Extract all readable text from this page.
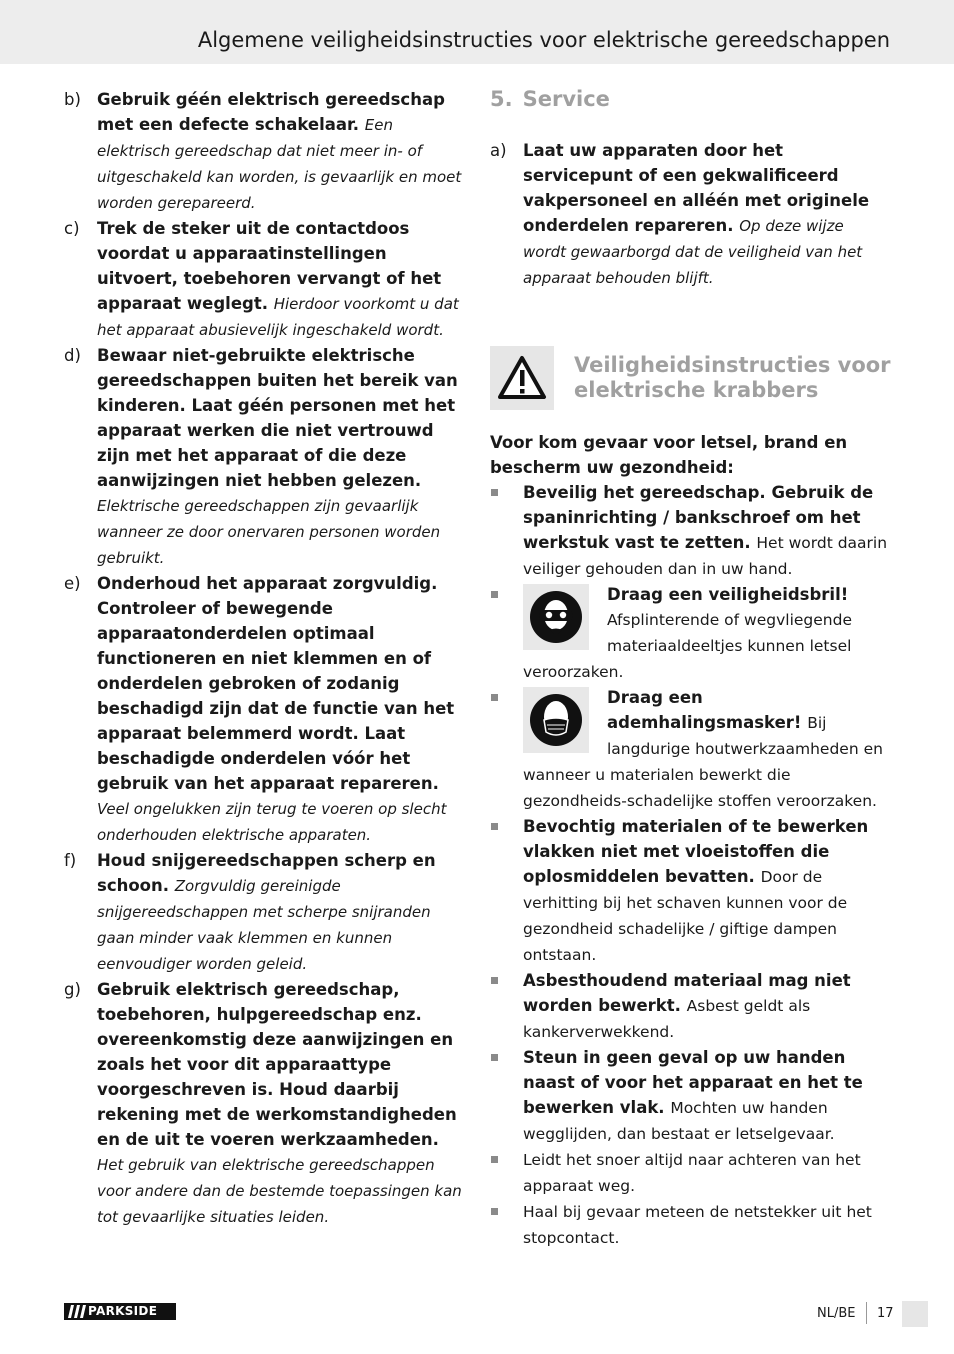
Algemene veiligheidsinstructies voor elektrische gereedschappen
b) Gebruik géén elektrisch gereedschap met een defecte schakelaar. Een elektrisch gereedschap dat niet meer in- of uitgeschakeld kan worden, is gevaarlijk en moet worden gerepareerd.
c) Trek de steker uit de contactdoos voordat u apparaatinstellingen uitvoert, toebehoren vervangt of het apparaat weglegt. Hierdoor voorkomt u dat het apparaat abusievelijk ingeschakeld wordt.
d) Bewaar niet-gebruikte elektrische gereedschappen buiten het bereik van kinderen. Laat géén personen met het apparaat werken die niet vertrouwd zijn met het apparaat of die deze aanwijzingen niet hebben gelezen. Elektrische gereedschappen zijn gevaarlijk wanneer ze door onervaren personen worden gebruikt.
e) Onderhoud het apparaat zorgvuldig. Controleer of bewegende apparaatonderdelen optimaal functioneren en niet klemmen en of onderdelen gebroken of zodanig beschadigd zijn dat de functie van het apparaat belemmerd wordt. Laat beschadigde onderdelen vóór het gebruik van het apparaat repareren. Veel ongelukken zijn terug te voeren op slecht onderhouden elektrische apparaten.
f) Houd snijgereedschappen scherp en schoon. Zorgvuldig gereinigde snijgereedschappen met scherpe snijranden gaan minder vaak klemmen en kunnen eenvoudiger worden geleid.
g) Gebruik elektrisch gereedschap, toebehoren, hulpgereedschap enz. overeenkomstig deze aanwijzingen en zoals het voor dit apparaattype voorgeschreven is. Houd daarbij rekening met de werkomstandigheden en de uit te voeren werkzaamheden. Het gebruik van elektrische gereedschappen voor andere dan de bestemde toepassingen kan tot gevaarlijke situaties leiden.
5. Service
a) Laat uw apparaten door het servicepunt of een gekwalificeerd vakpersoneel en alléén met originele onderdelen repareren. Op deze wijze wordt gewaarborgd dat de veiligheid van het apparaat behouden blijft.
Veiligheidsinstructies voor elektrische krabbers
Voor kom gevaar voor letsel, brand en bescherm uw gezondheid:
Beveilig het gereedschap. Gebruik de spaninrichting / bankschroef om het werkstuk vast te zetten. Het wordt daarin veiliger gehouden dan in uw hand.
Draag een veiligheidsbril! Afsplinterende of wegvliegende materiaaldeeltjes kunnen letsel veroorzaken.
Draag een ademhalingsmasker! Bij langdurige houtwerkzaamheden en wanneer u materialen bewerkt die gezondheids-schadelijke stoffen veroorzaken.
Bevochtig materialen of te bewerken vlakken niet met vloeistoffen die oplosmiddelen bevatten. Door de verhitting bij het schaven kunnen voor de gezondheid schadelijke / giftige dampen ontstaan.
Asbesthoudend materiaal mag niet worden bewerkt. Asbest geldt als kankerverwekkend.
Steun in geen geval op uw handen naast of voor het apparaat en het te bewerken vlak. Mochten uw handen wegglijden, dan bestaat er letselgevaar.
Leidt het snoer altijd naar achteren van het apparaat weg.
Haal bij gevaar meteen de netstekker uit het stopcontact.
PARKSIDE	NL/BE 17
